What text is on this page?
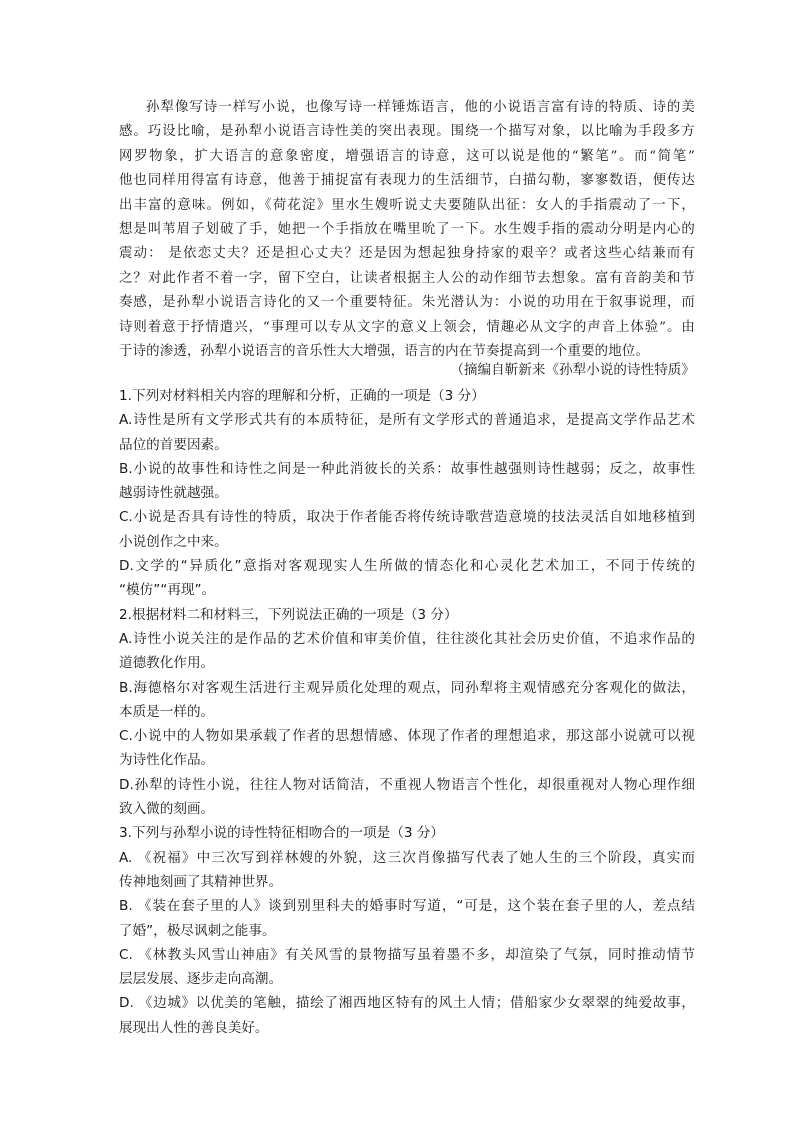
孙犁像写诗一样写小说，也像写诗一样锤炼语言，他的小说语言富有诗的特质、诗的美
感。巧设比喻，是孙犁小说语言诗性美的突出表现。围绕一个描写对象，以比喻为手段多方
网罗物象，扩大语言的意象密度，增强语言的诗意，这可以说是他的“繁笔”。而“简笔”
他也同样用得富有诗意，他善于捕捉富有表现力的生活细节，白描勾勒，寥寥数语，便传达
出丰富的意味。例如，《荷花淀》里水生嫂听说丈夫要随队出征：女人的手指震动了一下，
想是叫苇眉子划破了手，她把一个手指放在嘴里吮了一下。水生嫂手指的震动分明是内心的
震动： 是依恋丈夫？还是担心丈夫？还是因为想起独身持家的艰辛？或者这些心结兼而有
之？对此作者不着一字，留下空白，让读者根据主人公的动作细节去想象。富有音韵美和节
奏感，是孙犁小说语言诗化的又一个重要特征。朱光潜认为：小说的功用在于叙事说理，而
诗则着意于抒情遣兴，“事理可以专从文字的意义上领会，情趣必从文字的声音上体验”。由
于诗的渗透，孙犁小说语言的音乐性大大增强，语言的内在节奏提高到一个重要的地位。
（摘编自靳新来《孙犁小说的诗性特质》
1.下列对材料相关内容的理解和分析，正确的一项是（3 分）
A.诗性是所有文学形式共有的本质特征，是所有文学形式的普通追求，是提高文学作品艺术
品位的首要因素。
B.小说的故事性和诗性之间是一种此消彼长的关系：故事性越强则诗性越弱；反之，故事性
越弱诗性就越强。
C.小说是否具有诗性的特质，取决于作者能否将传统诗歌营造意境的技法灵活自如地移植到
小说创作之中来。
D.文学的“异质化”意指对客观现实人生所做的情态化和心灵化艺术加工，不同于传统的
“模仿”“再现”。
2.根据材料二和材料三，下列说法正确的一项是（3 分）
A.诗性小说关注的是作品的艺术价值和审美价值，往往淡化其社会历史价值，不追求作品的
道德教化作用。
B.海德格尔对客观生活进行主观异质化处理的观点，同孙犁将主观情感充分客观化的做法，
本质是一样的。
C.小说中的人物如果承载了作者的思想情感、体现了作者的理想追求，那这部小说就可以视
为诗性化作品。
D.孙犁的诗性小说，往往人物对话简洁，不重视人物语言个性化，却很重视对人物心理作细
致入微的刻画。
3.下列与孙犁小说的诗性特征相吻合的一项是（3 分）
A. 《祝福》中三次写到祥林嫂的外貌，这三次肖像描写代表了她人生的三个阶段，真实而
传神地刻画了其精神世界。
B. 《装在套子里的人》谈到别里科夫的婚事时写道，“可是，这个装在套子里的人，差点结
了婚”，极尽讽刺之能事。
C. 《林教头风雪山神庙》有关风雪的景物描写虽着墨不多，却渲染了气氛，同时推动情节
层层发展、逐步走向高潮。
D. 《边城》以优美的笔触，描绘了湘西地区特有的风土人情；借船家少女翠翠的纯爱故事，
展现出人性的善良美好。
